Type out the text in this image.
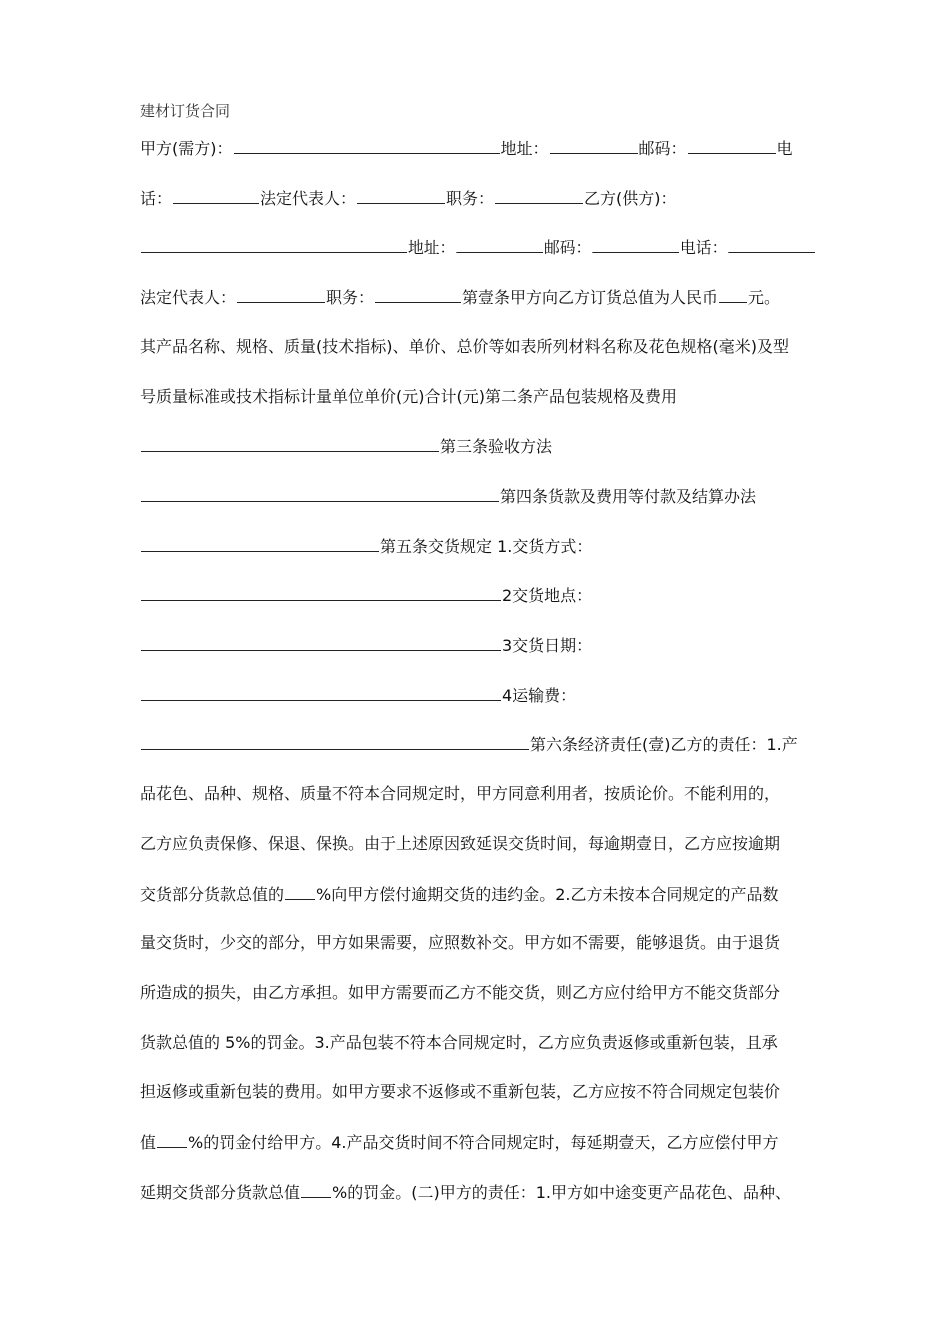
建材订货合同
甲方(需方)：	地址：	邮码：	电
话：	法定代表人：	职务：	乙方(供方)：
地址：	邮码：	电话：
法定代表人：	职务：	第壹条甲方向乙方订货总值为人民币 元。
其产品名称、规格、质量(技术指标)、单价、总价等如表所列材料名称及花色规格(毫米)及型
号质量标准或技术指标计量单位单价(元)合计(元)第二条产品包装规格及费用
第三条验收方法
第四条货款及费用等付款及结算办法
第五条交货规定 1.交货方式：
2交货地点：
3交货日期：
4运输费：
第六条经济责任(壹)乙方的责任：1.产
品花色、品种、规格、质量不符本合同规定时，甲方同意利用者，按质论价。不能利用的，
乙方应负责保修、保退、保换。由于上述原因致延误交货时间，每逾期壹日，乙方应按逾期
交货部分货款总值的 %向甲方偿付逾期交货的违约金。2.乙方未按本合同规定的产品数
量交货时，少交的部分，甲方如果需要，应照数补交。甲方如不需要，能够退货。由于退货
所造成的损失，由乙方承担。如甲方需要而乙方不能交货，则乙方应付给甲方不能交货部分
货款总值的 5%的罚金。3.产品包装不符本合同规定时，乙方应负责返修或重新包装，且承
担返修或重新包装的费用。如甲方要求不返修或不重新包装，乙方应按不符合同规定包装价
值 %的罚金付给甲方。4.产品交货时间不符合同规定时，每延期壹天，乙方应偿付甲方
延期交货部分货款总值 %的罚金。(二)甲方的责任：1.甲方如中途变更产品花色、品种、
